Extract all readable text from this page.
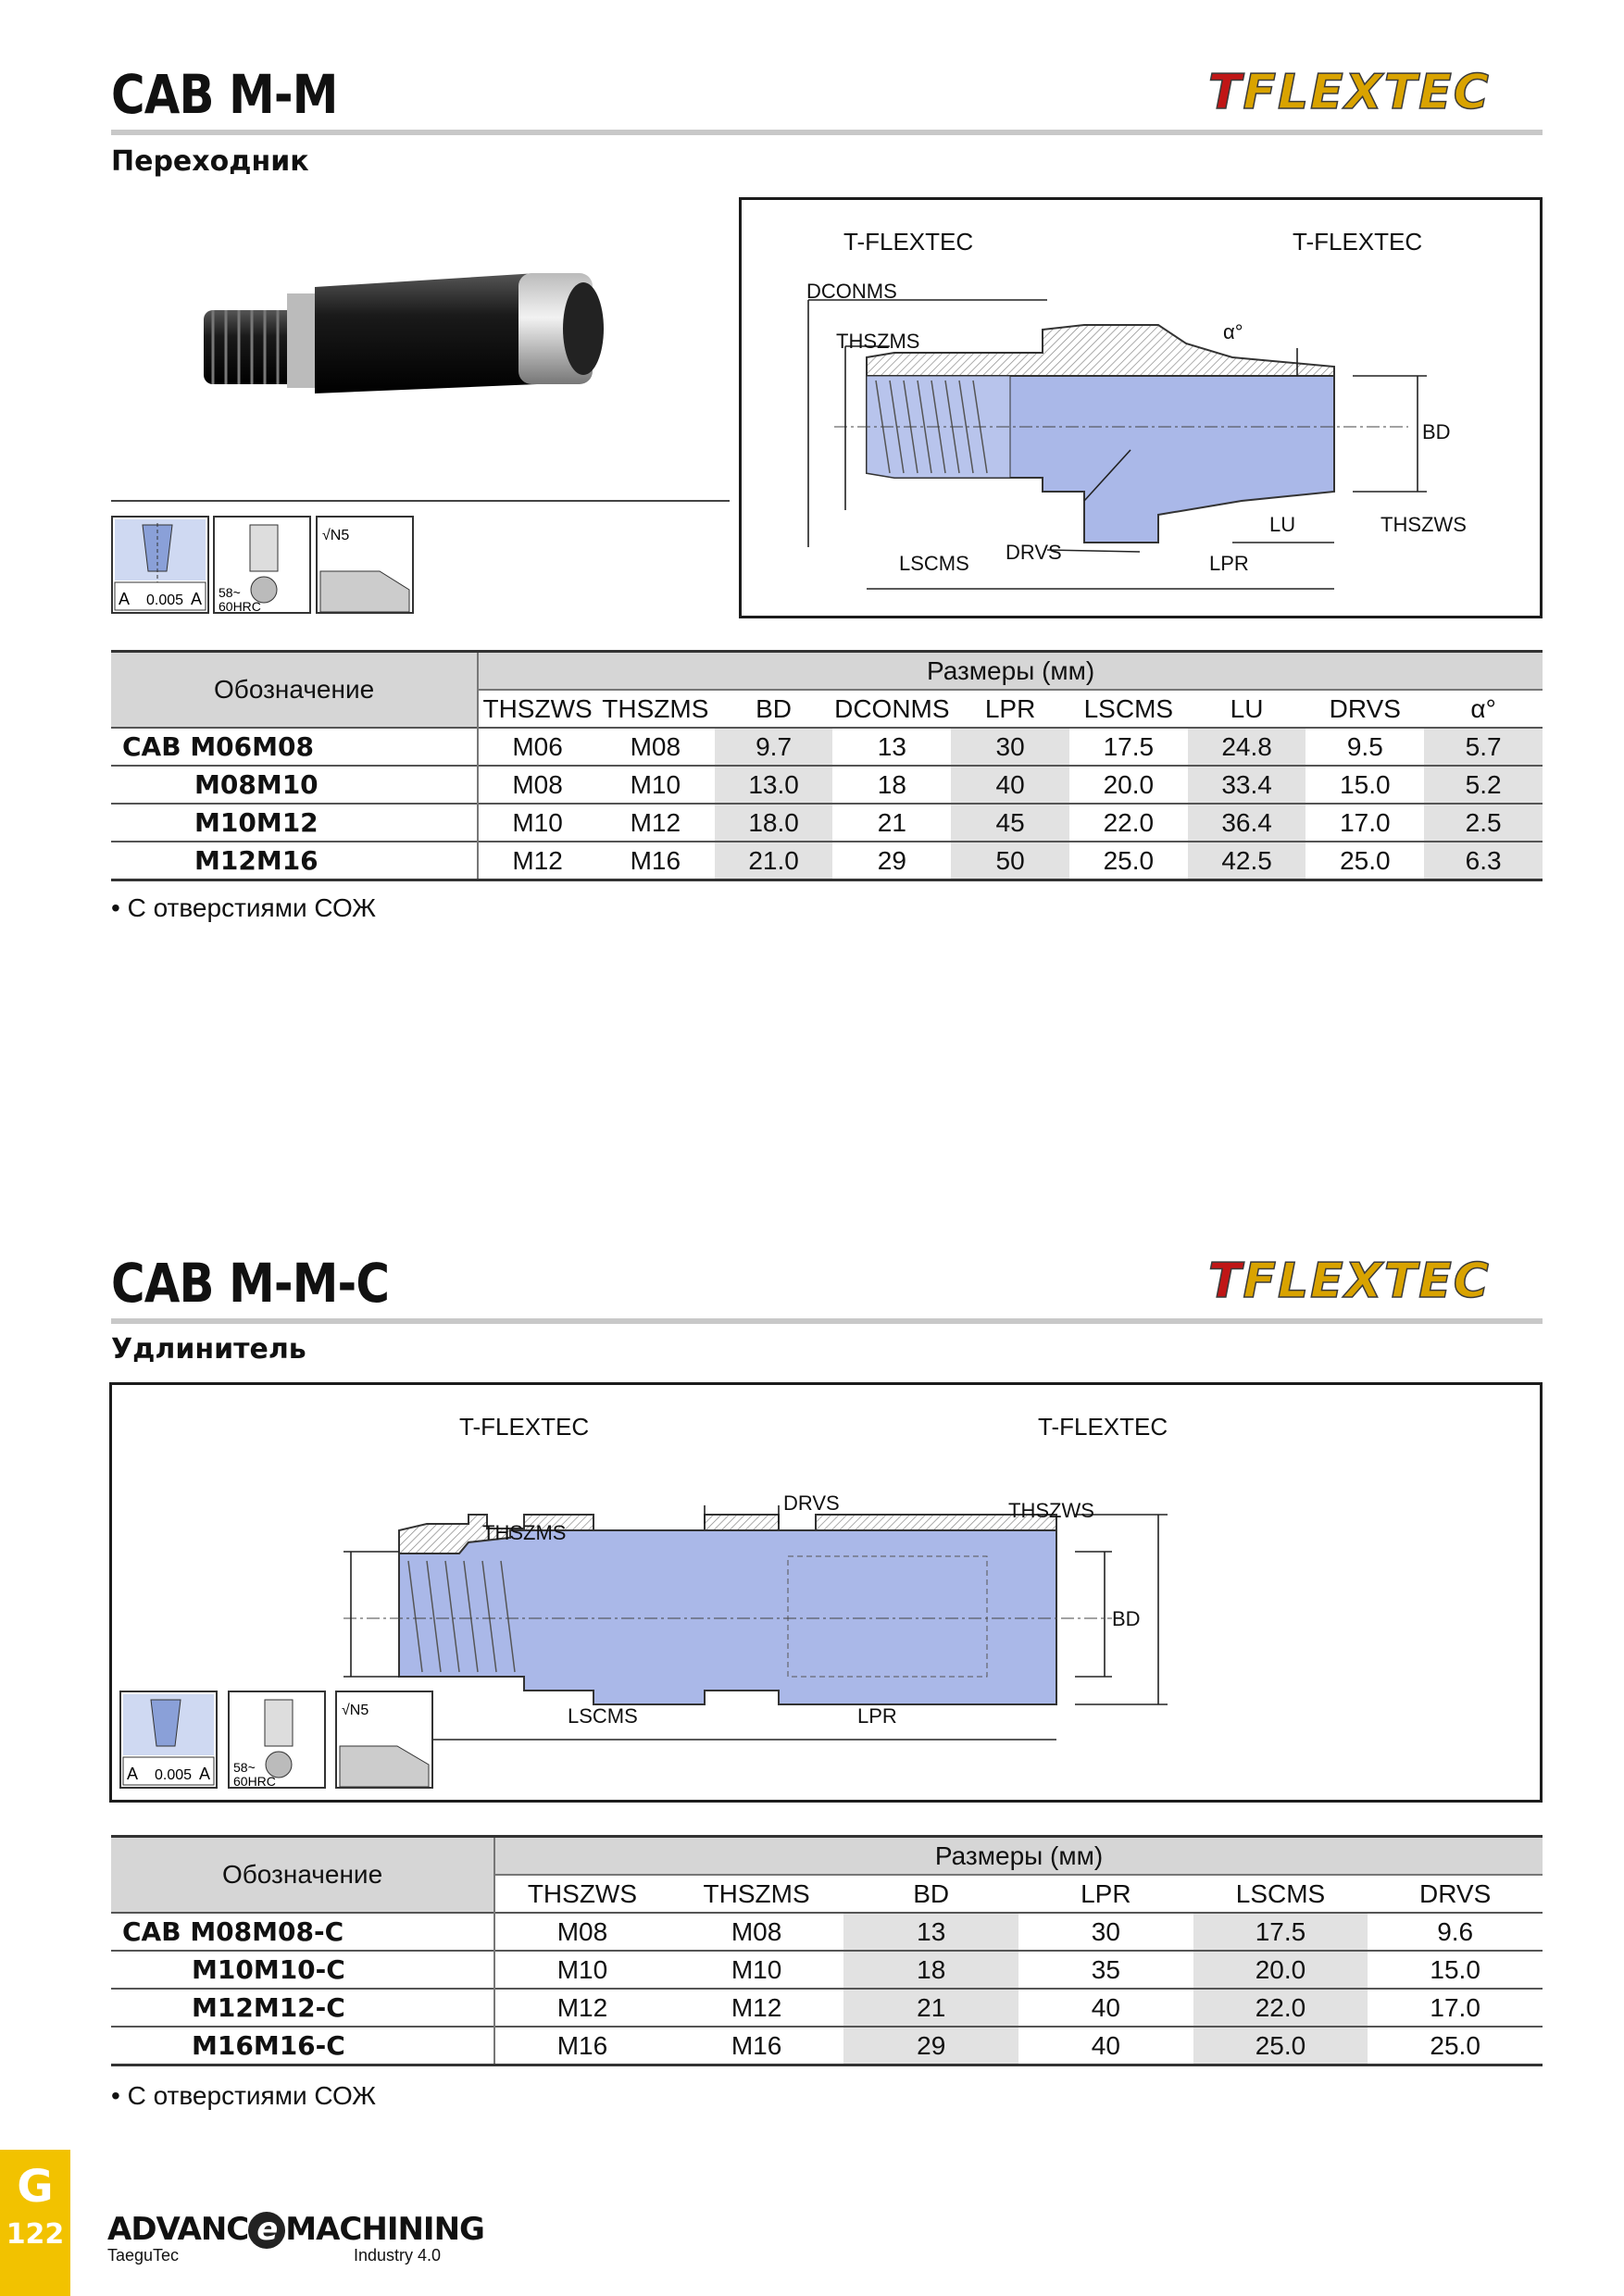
CAB M-M	TFLEXTEC
Переходник
A 0.005 A 58~
60HRC
√N5
T-FLEXTEC	T-FLEXTEC
DCONMS
THSZMS	α°
BD
LU	THSZWS
LSCMS DRVS	LPR
Обозначение	Размеры (мм)								
	THSZWS	THSZMS	BD	DCONMS	LPR	LSCMS	LU	DRVS	α°
CAB M06M08	M06	M08	9.7	13	30	17.5	24.8	9.5	5.7
M08M10	M08	M10	13.0	18	40	20.0	33.4	15.0	5.2
M10M12	M10	M12	18.0	21	45	22.0	36.4	17.0	2.5
M12M16	M12	M16	21.0	29	50	25.0	42.5	25.0	6.3
• С отверстиями СОЖ
CAB M-M-C	TFLEXTEC
Удлинитель
T-FLEXTEC	T-FLEXTEC
DRVS
THSZMS
THSZWS
BD
LSCMS	LPR
A 0.005 A 58~
60HRC
√N5
Обозначение	Размеры (мм)					
	THSZWS	THSZMS	BD	LPR	LSCMS	DRVS
CAB M08M08-C	M08	M08	13	30	17.5	9.6
M10M10-C	M10	M10	18	35	20.0	15.0
M12M12-C	M12	M12	21	40	22.0	17.0
M16M16-C	M16	M16	29	40	25.0	25.0
• С отверстиями СОЖ
G
122 ADVANC e MACHINING
TaeguTec	Industry 4.0
